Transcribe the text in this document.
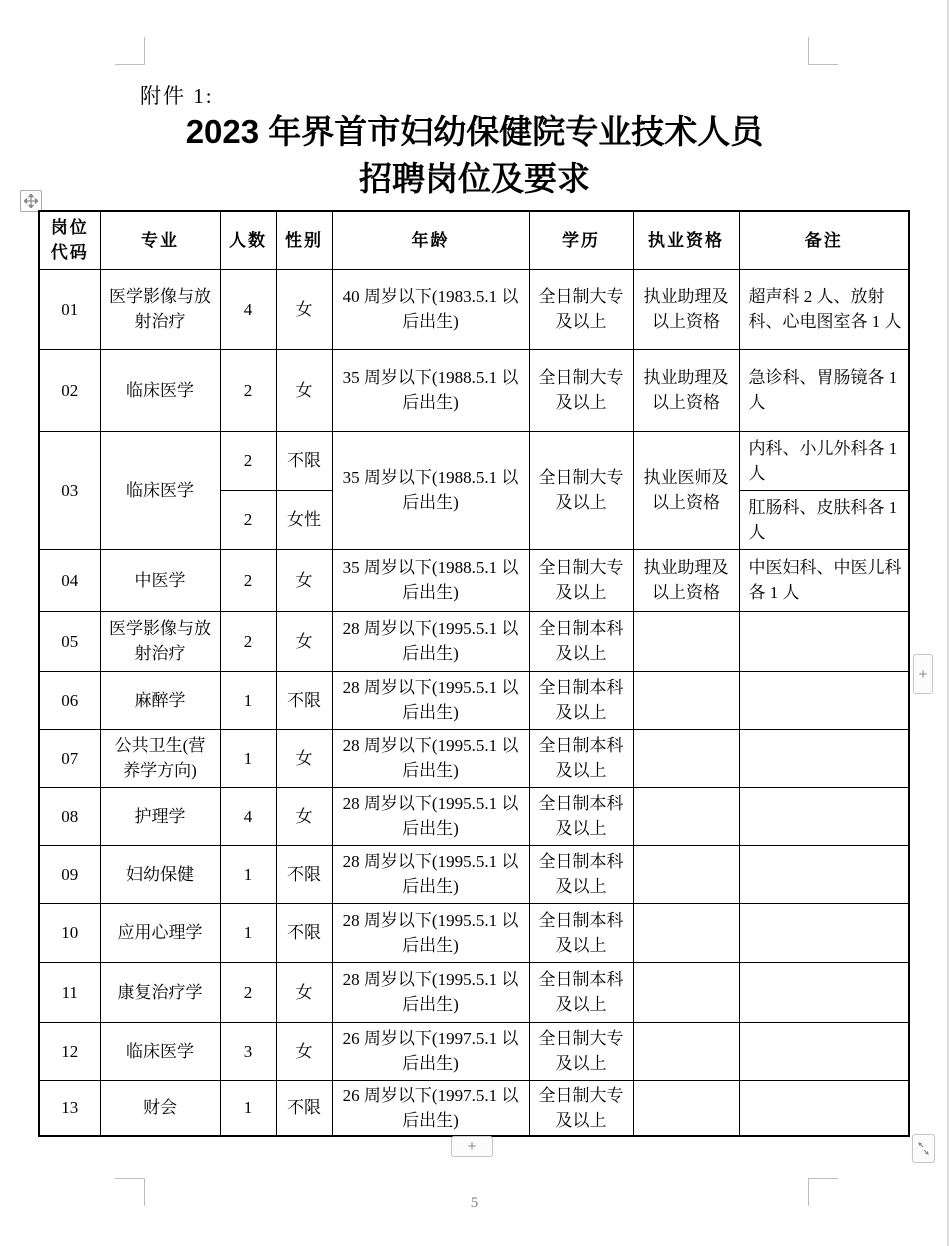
附件 1:
2023 年界首市妇幼保健院专业技术人员
招聘岗位及要求
岗位代码	专业	人数	性别	年龄	学历	执业资格	备注
01	医学影像与放射治疗	4	女	40 周岁以下(1983.5.1 以后出生)	全日制大专及以上	执业助理及以上资格	超声科 2 人、放射科、心电图室各 1 人
02	临床医学	2	女	35 周岁以下(1988.5.1 以后出生)	全日制大专及以上	执业助理及以上资格	急诊科、胃肠镜各 1 人
03	临床医学	2	不限	35 周岁以下(1988.5.1 以后出生)	全日制大专及以上	执业医师及以上资格	内科、小儿外科各 1 人
		2	女性				肛肠科、皮肤科各 1 人
04	中医学	2	女	35 周岁以下(1988.5.1 以后出生)	全日制大专及以上	执业助理及以上资格	中医妇科、中医儿科各 1 人
05	医学影像与放射治疗	2	女	28 周岁以下(1995.5.1 以后出生)	全日制本科及以上		
06	麻醉学	1	不限	28 周岁以下(1995.5.1 以后出生)	全日制本科及以上		
07	公共卫生(营养学方向)	1	女	28 周岁以下(1995.5.1 以后出生)	全日制本科及以上		
08	护理学	4	女	28 周岁以下(1995.5.1 以后出生)	全日制本科及以上		
09	妇幼保健	1	不限	28 周岁以下(1995.5.1 以后出生)	全日制本科及以上		
10	应用心理学	1	不限	28 周岁以下(1995.5.1 以后出生)	全日制本科及以上		
11	康复治疗学	2	女	28 周岁以下(1995.5.1 以后出生)	全日制本科及以上		
12	临床医学	3	女	26 周岁以下(1997.5.1 以后出生)	全日制大专及以上		
13	财会	1	不限	26 周岁以下(1997.5.1 以后出生)	全日制大专及以上		
+
+
5
